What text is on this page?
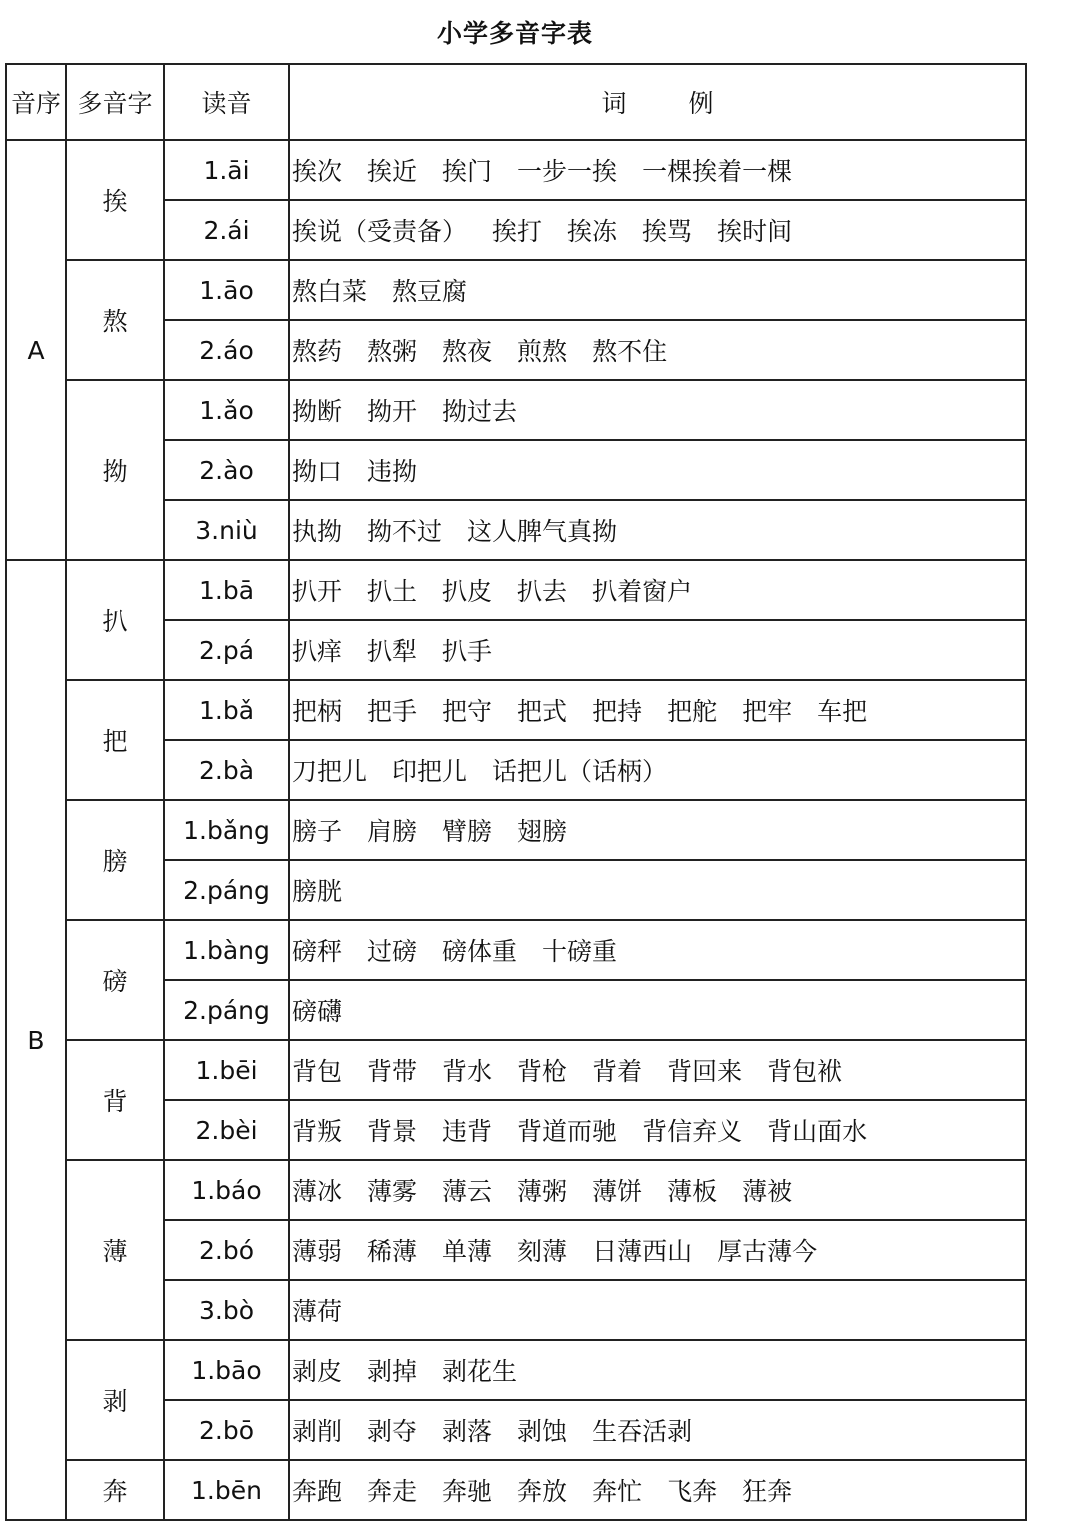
小学多音字表
音序	多音字	读音	词 例
A	挨	1.āi	挨次 挨近 挨门 一步一挨 一棵挨着一棵
		2.ái	挨说（受责备） 挨打 挨冻 挨骂 挨时间
	熬	1.āo	熬白菜 熬豆腐
		2.áo	熬药 熬粥 熬夜 煎熬 熬不住
	拗	1.ǎo	拗断 拗开 拗过去
		2.ào	拗口 违拗
		3.niù	执拗 拗不过 这人脾气真拗
B	扒	1.bā	扒开 扒土 扒皮 扒去 扒着窗户
		2.pá	扒痒 扒犁 扒手
	把	1.bǎ	把柄 把手 把守 把式 把持 把舵 把牢 车把
		2.bà	刀把儿 印把儿 话把儿（话柄）
	膀	1.bǎng	膀子 肩膀 臂膀 翅膀
		2.páng	膀胱
	磅	1.bàng	磅秤 过磅 磅体重 十磅重
		2.páng	磅礴
	背	1.bēi	背包 背带 背水 背枪 背着 背回来 背包袱
		2.bèi	背叛 背景 违背 背道而驰 背信弃义 背山面水
	薄	1.báo	薄冰 薄雾 薄云 薄粥 薄饼 薄板 薄被
		2.bó	薄弱 稀薄 单薄 刻薄 日薄西山 厚古薄今
		3.bò	薄荷
	剥	1.bāo	剥皮 剥掉 剥花生
		2.bō	剥削 剥夺 剥落 剥蚀 生吞活剥
	奔	1.bēn	奔跑 奔走 奔驰 奔放 奔忙 飞奔 狂奔
